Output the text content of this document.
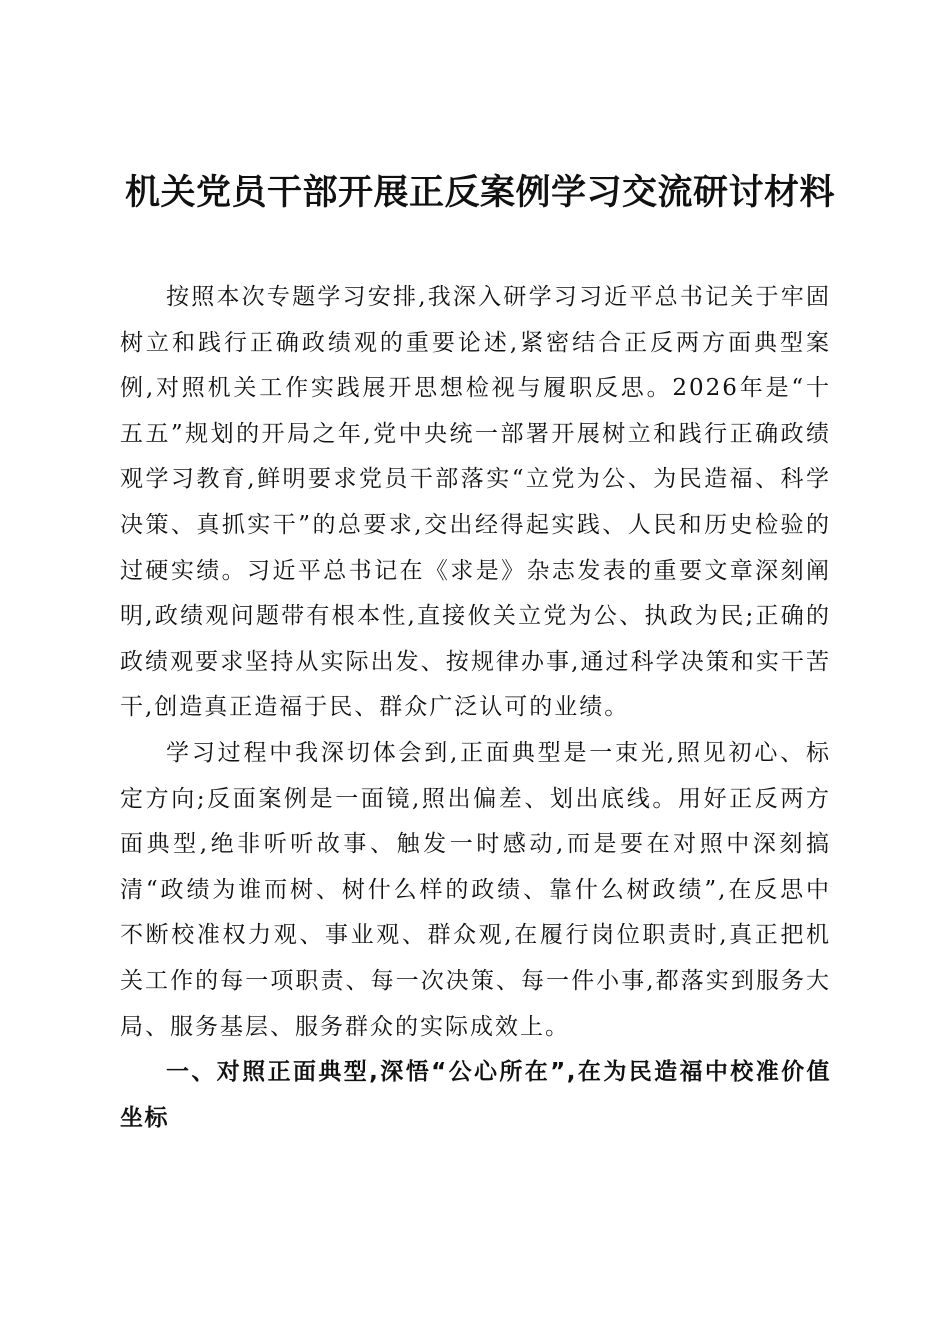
机关党员干部开展正反案例学习交流研讨材料

按照本次专题学习安排,我深入研学习习近平总书记关于牢固树立和践行正确政绩观的重要论述,紧密结合正反两方面典型案例,对照机关工作实践展开思想检视与履职反思。2026年是“十五五”规划的开局之年,党中央统一部署开展树立和践行正确政绩观学习教育,鲜明要求党员干部落实“立党为公、为民造福、科学决策、真抓实干”的总要求,交出经得起实践、人民和历史检验的过硬实绩。习近平总书记在《求是》杂志发表的重要文章深刻阐明,政绩观问题带有根本性,直接攸关立党为公、执政为民;正确的政绩观要求坚持从实际出发、按规律办事,通过科学决策和实干苦干,创造真正造福于民、群众广泛认可的业绩。

学习过程中我深切体会到,正面典型是一束光,照见初心、标定方向;反面案例是一面镜,照出偏差、划出底线。用好正反两方面典型,绝非听听故事、触发一时感动,而是要在对照中深刻搞清“政绩为谁而树、树什么样的政绩、靠什么树政绩”,在反思中不断校准权力观、事业观、群众观,在履行岗位职责时,真正把机关工作的每一项职责、每一次决策、每一件小事,都落实到服务大局、服务基层、服务群众的实际成效上。

一、对照正面典型,深悟“公心所在”,在为民造福中校准价值坐标
